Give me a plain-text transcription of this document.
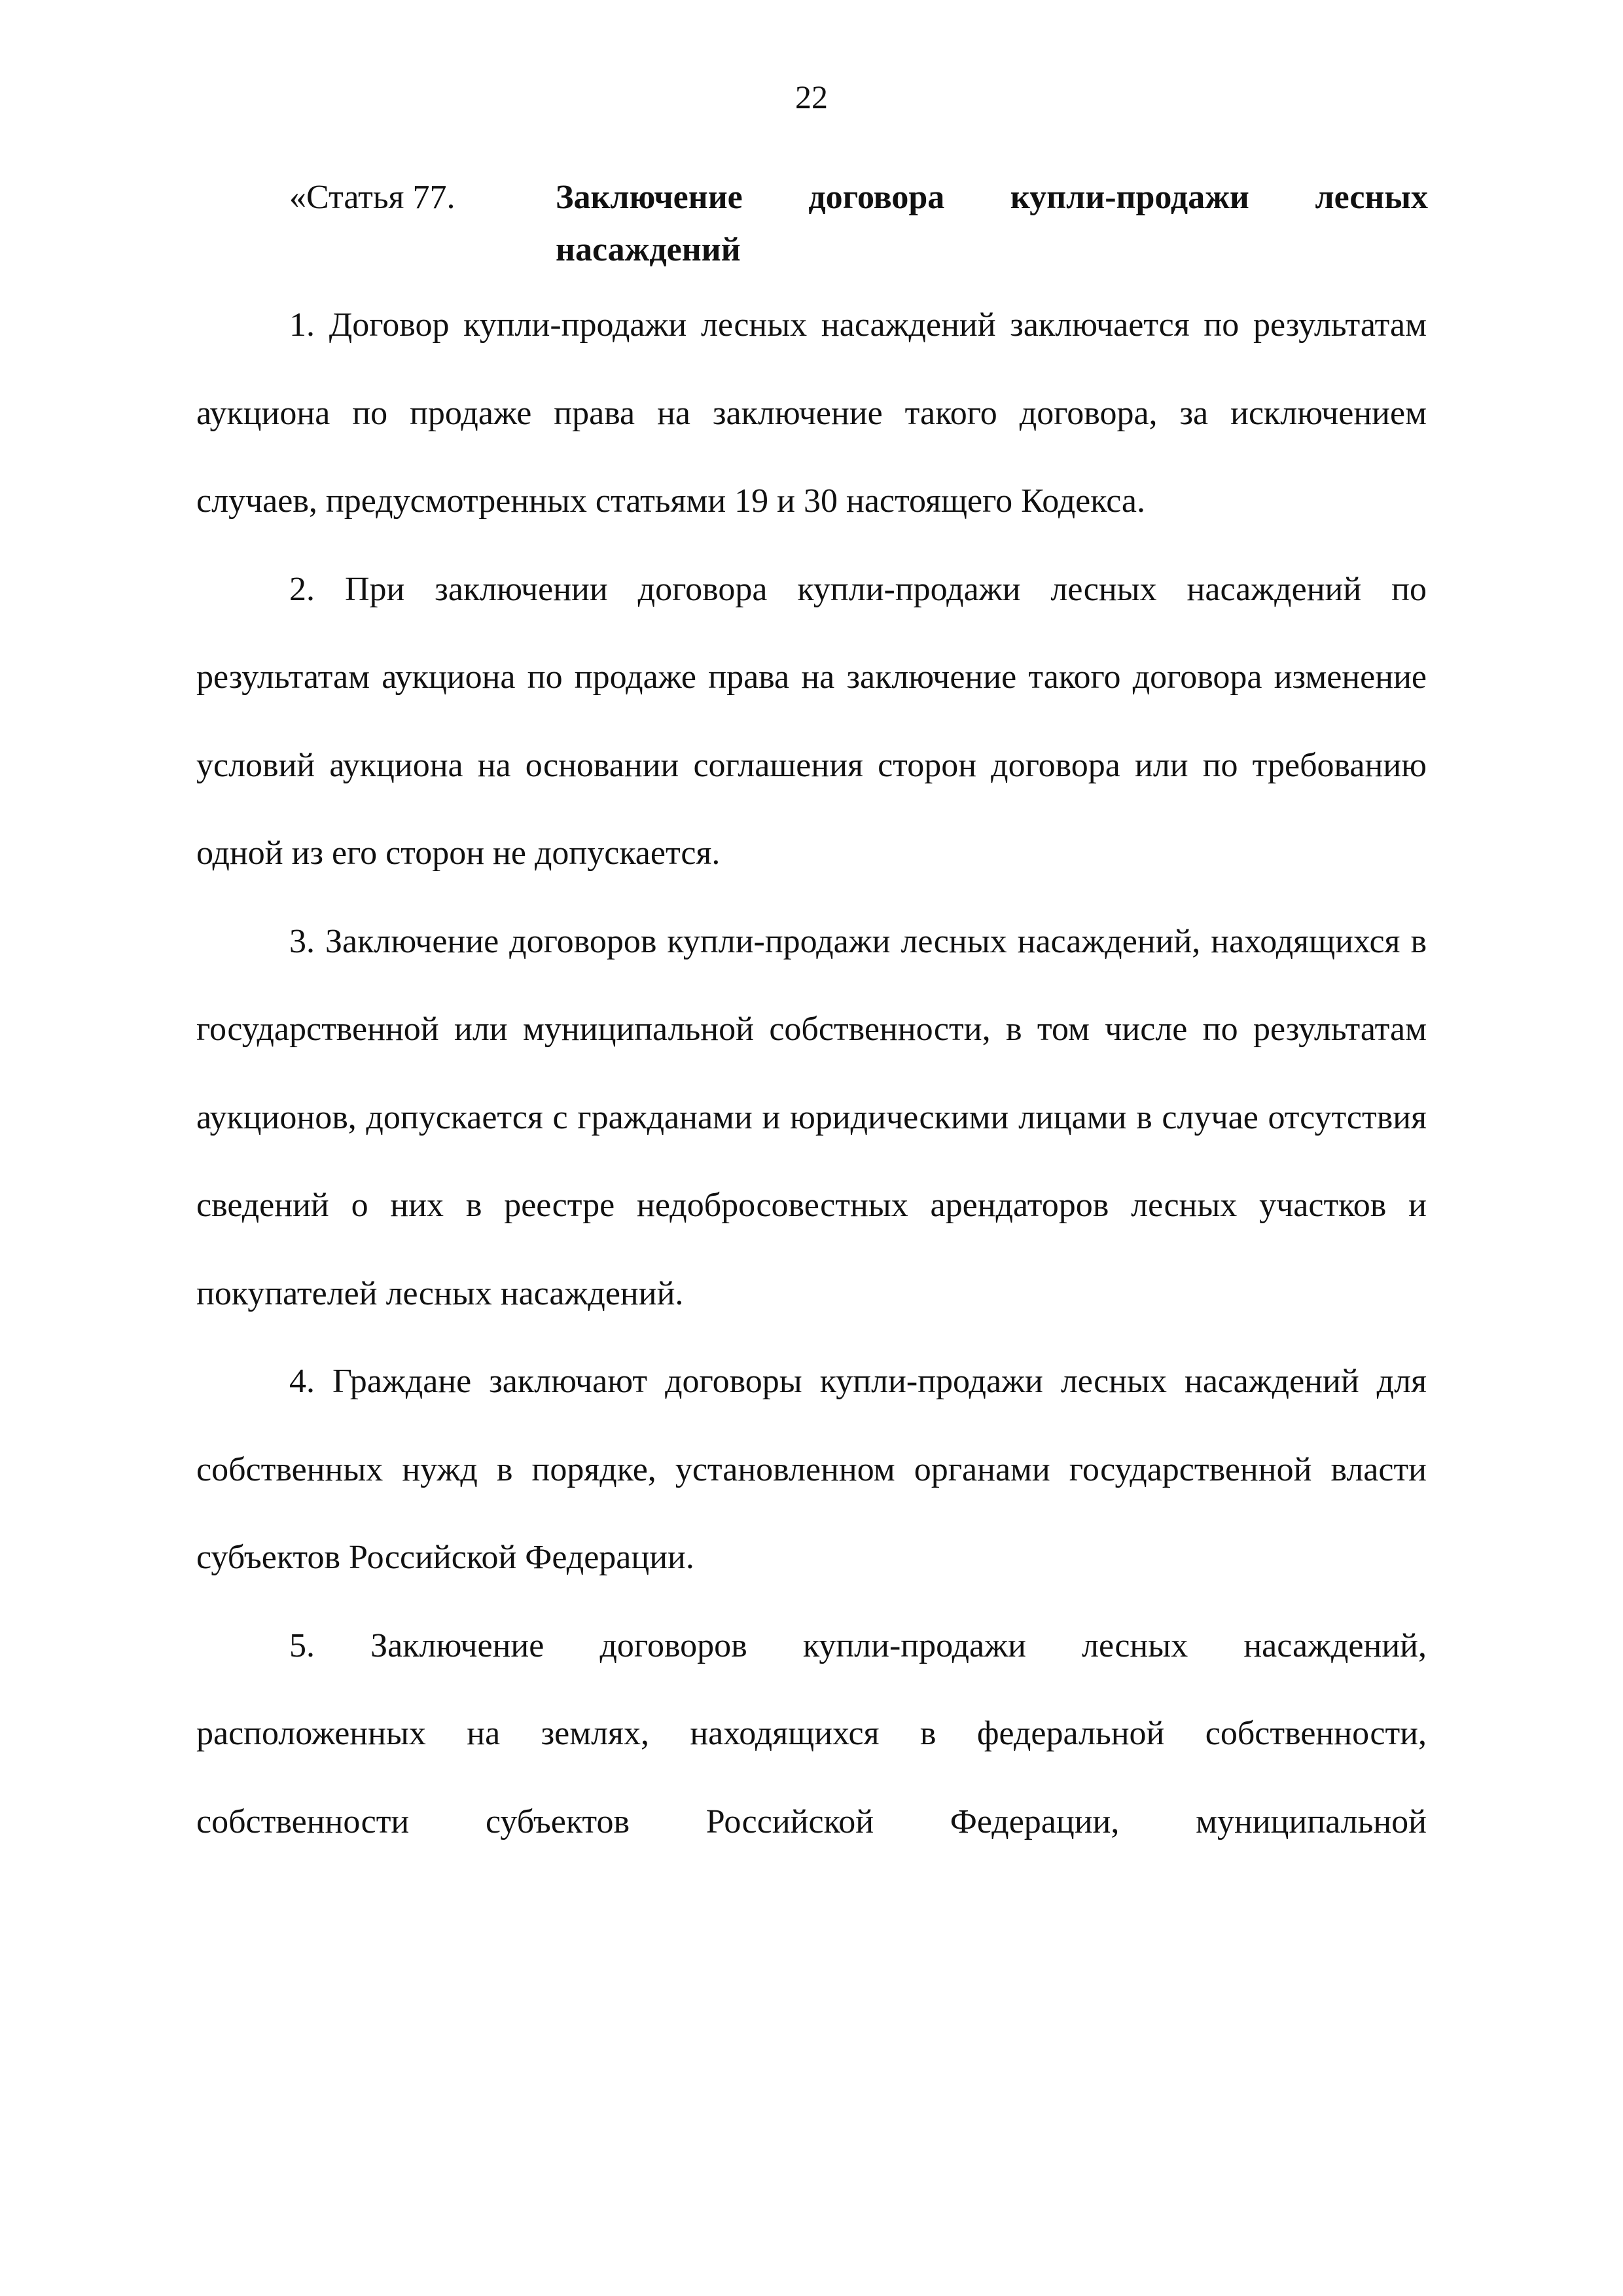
22
«Статья 77.	Заключение договора купли-продажи лесных насаждений

1. Договор купли-продажи лесных насаждений заключается по результатам аукциона по продаже права на заключение такого договора, за исключением случаев, предусмотренных статьями 19 и 30 настоящего Кодекса.

2. При заключении договора купли-продажи лесных насаждений по результатам аукциона по продаже права на заключение такого договора изменение условий аукциона на основании соглашения сторон договора или по требованию одной из его сторон не допускается.

3. Заключение договоров купли-продажи лесных насаждений, находящихся в государственной или муниципальной собственности, в том числе по результатам аукционов, допускается с гражданами и юридическими лицами в случае отсутствия сведений о них в реестре недобросовестных арендаторов лесных участков и покупателей лесных насаждений.

4. Граждане заключают договоры купли-продажи лесных насаждений для собственных нужд в порядке, установленном органами государственной власти субъектов Российской Федерации.

5. Заключение договоров купли-продажи лесных насаждений, расположенных на землях, находящихся в федеральной собственности, собственности субъектов Российской Федерации, муниципальной
